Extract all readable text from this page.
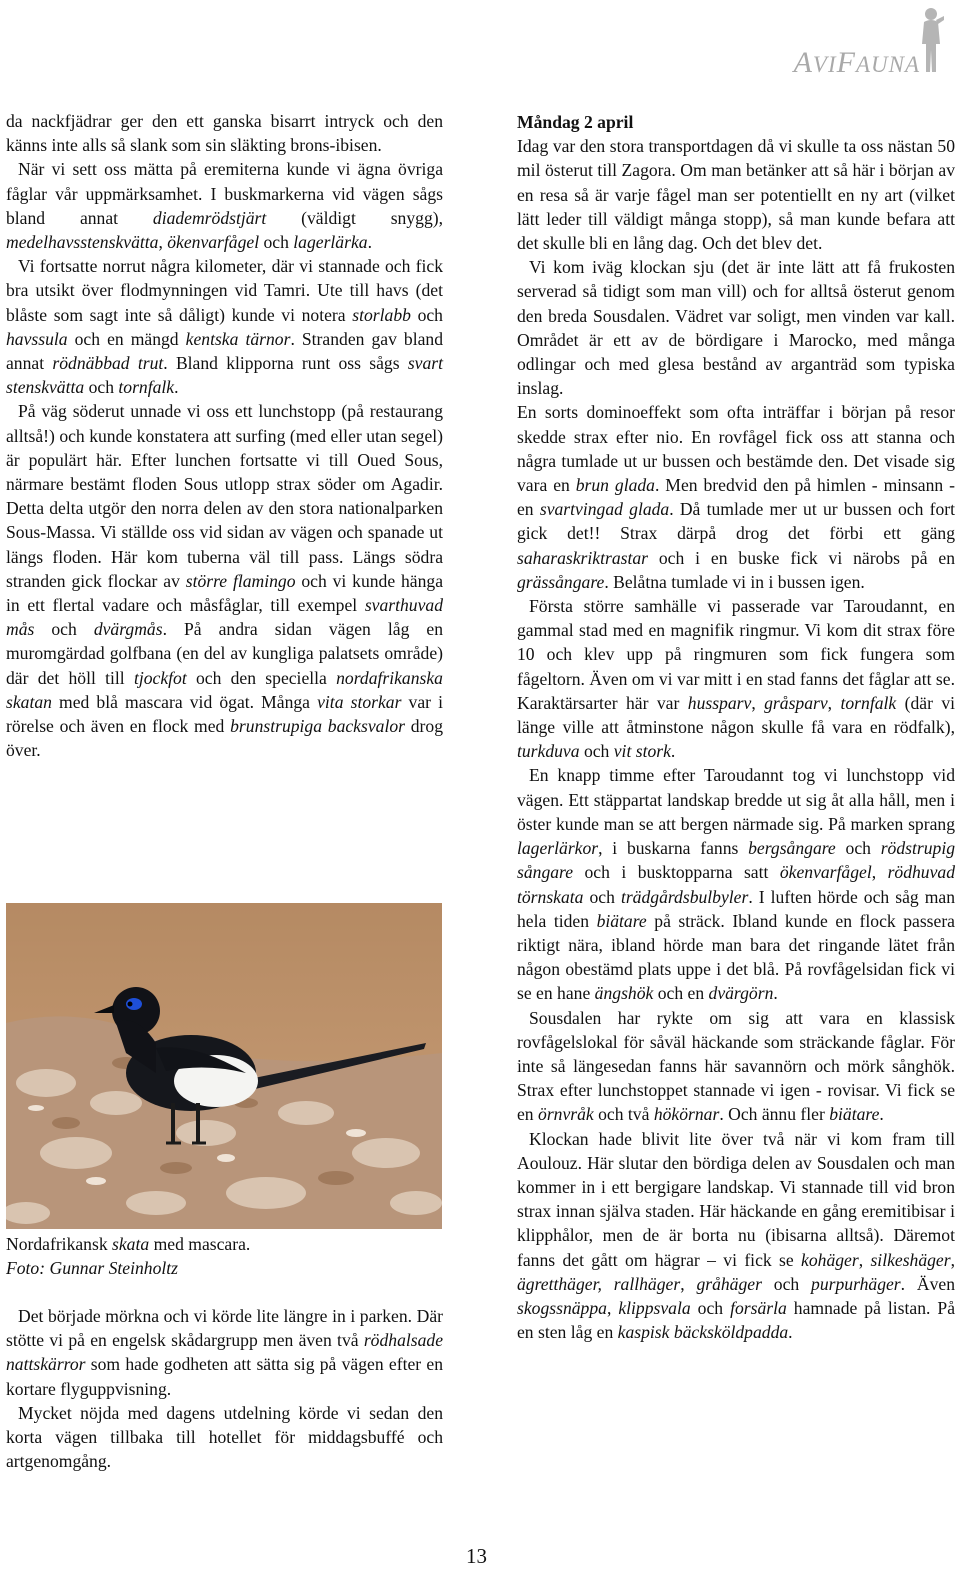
AVIFAUNA

da nackfjädrar ger den ett ganska bisarrt intryck och den känns inte alls så slank som sin släkting brons-ibisen.

När vi sett oss mätta på eremiterna kunde vi ägna övriga fåglar vår uppmärksamhet. I buskmarkerna vid vägen sågs bland annat diademrödstjärt (väldigt snygg), medelhavsstenskvätta, ökenvarfågel och lagerlärka.

Vi fortsatte norrut några kilometer, där vi stannade och fick bra utsikt över flodmynningen vid Tamri. Ute till havs (det blåste som sagt inte så dåligt) kunde vi notera storlabb och havssula och en mängd kentska tärnor. Stranden gav bland annat rödnäbbad trut. Bland klipporna runt oss sågs svart stenskvätta och tornfalk.

På väg söderut unnade vi oss ett lunchstopp (på restaurang alltså!) och kunde konstatera att surfing (med eller utan segel) är populärt här. Efter lunchen fortsatte vi till Oued Sous, närmare bestämt floden Sous utlopp strax söder om Agadir. Detta delta utgör den norra delen av den stora nationalparken Sous-Massa. Vi ställde oss vid sidan av vägen och spanade ut längs floden. Här kom tuberna väl till pass. Längs södra stranden gick flockar av större flamingo och vi kunde hänga in ett flertal vadare och måsfåglar, till exempel svarthuvad mås och dvärgmås. På andra sidan vägen låg en muromgärdad golfbana (en del av kungliga palatsets område) där det höll till tjockfot och den speciella nordafrikanska skatan med blå mascara vid ögat. Många vita storkar var i rörelse och även en flock med brunstrupiga backsvalor drog över.

Nordafrikansk skata med mascara.
Foto: Gunnar Steinholtz

Det började mörkna och vi körde lite längre in i parken. Där stötte vi på en engelsk skådargrupp men även två rödhalsade nattskärror som hade godheten att sätta sig på vägen efter en kortare flyguppvisning.

Mycket nöjda med dagens utdelning körde vi sedan den korta vägen tillbaka till hotellet för middagsbuffé och artgenomgång.

Måndag 2 april

Idag var den stora transportdagen då vi skulle ta oss nästan 50 mil österut till Zagora. Om man betänker att så här i början av en resa så är varje fågel man ser potentiellt en ny art (vilket lätt leder till väldigt många stopp), så man kunde befara att det skulle bli en lång dag. Och det blev det.

Vi kom iväg klockan sju (det är inte lätt att få frukosten serverad så tidigt som man vill) och for alltså österut genom den breda Sousdalen. Vädret var soligt, men vinden var kall. Området är ett av de bördigare i Marocko, med många odlingar och med glesa bestånd av arganträd som typiska inslag.

En sorts dominoeffekt som ofta inträffar i början på resor skedde strax efter nio. En rovfågel fick oss att stanna och några tumlade ut ur bussen och bestämde den. Det visade sig vara en brun glada. Men bredvid den på himlen - minsann - en svartvingad glada. Då tumlade mer ut ur bussen och fort gick det!! Strax därpå drog det förbi ett gäng saharaskriktrastar och i en buske fick vi närobs på en grässångare. Belåtna tumlade vi in i bussen igen.

Första större samhälle vi passerade var Taroudannt, en gammal stad med en magnifik ringmur. Vi kom dit strax före 10 och klev upp på ringmuren som fick fungera som fågeltorn. Även om vi var mitt i en stad fanns det fåglar att se. Karaktärsarter här var hussparv, gråsparv, tornfalk (där vi länge ville att åtminstone någon skulle få vara en rödfalk), turkduva och vit stork.

En knapp timme efter Taroudannt tog vi lunchstopp vid vägen. Ett stäppartat landskap bredde ut sig åt alla håll, men i öster kunde man se att bergen närmade sig. På marken sprang lagerlärkor, i buskarna fanns bergsångare och rödstrupig sångare och i busktopparna satt ökenvarfågel, rödhuvad törnskata och trädgårdsbulbyler. I luften hörde och såg man hela tiden biätare på sträck. Ibland kunde en flock passera riktigt nära, ibland hörde man bara det ringande lätet från någon obestämd plats uppe i det blå. På rovfågelsidan fick vi se en hane ängshök och en dvärgörn.

Sousdalen har rykte om sig att vara en klassisk rovfågelslokal för såväl häckande som sträckande fåglar. För inte så längesedan fanns här savannörn och mörk sånghök. Strax efter lunchstoppet stannade vi igen - rovisar. Vi fick se en örnvråk och två hökörnar. Och ännu fler biätare.

Klockan hade blivit lite över två när vi kom fram till Aoulouz. Här slutar den bördiga delen av Sousdalen och man kommer in i ett bergigare landskap. Vi stannade till vid bron strax innan själva staden. Här häckande en gång eremitibisar i klipphålor, men de är borta nu (ibisarna alltså). Däremot fanns det gått om hägrar – vi fick se kohäger, silkeshäger, ägretthäger, rallhäger, gråhäger och purpurhäger. Även skogssnäppa, klippsvala och forsärla hamnade på listan. På en sten låg en kaspisk bäcksköldpadda.

13
